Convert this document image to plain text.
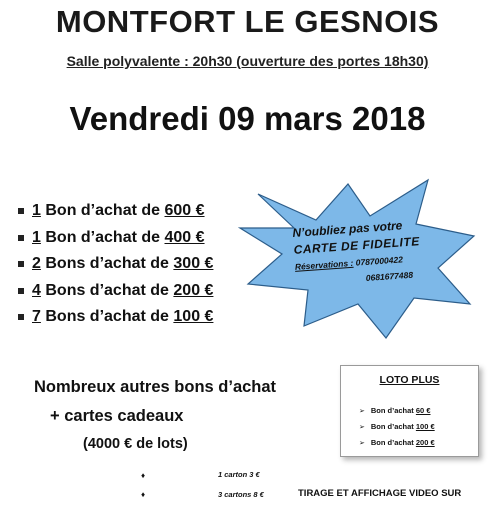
MONTFORT LE GESNOIS
Salle polyvalente : 20h30 (ouverture des portes 18h30)
Vendredi 09 mars 2018
1
Bon d’achat de
600 €
1
Bon d’achat de
400 €
2
Bons d’achat de
300 €
4
Bons d’achat de
200 €
7
Bons d’achat de
100 €
N’oubliez pas votre
CARTE DE FIDELITE
Réservations : 0787000422
0681677488
Nombreux autres bons d’achat
+ cartes cadeaux
(4000 € de lots)
LOTO PLUS
➢ Bon d’achat 60 €
➢ Bon d’achat 100 €
➢ Bon d’achat 200 €
♦
♦
1 carton 3 €
3 cartons 8 €	TIRAGE ET AFFICHAGE VIDEO SUR
